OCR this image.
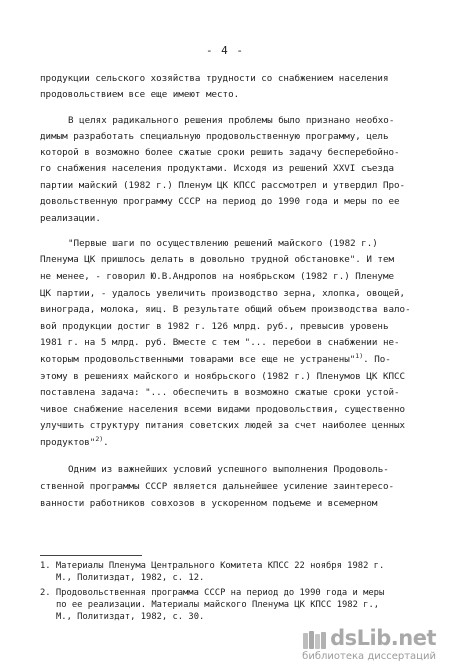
- 4 -
продукции сельского хозяйства трудности со снабжением населения
продовольствием все еще имеют место.
В целях радикального решения проблемы было признано необхо-
димым разработать специальную продовольственную программу, цель
которой в возможно более сжатые сроки решить задачу бесперебойно-
го снабжения населения продуктами. Исходя из решений XXVI съезда
партии майский (1982 г.) Пленум ЦК КПСС рассмотрел и утвердил Про-
довольственную программу СССР на период до 1990 года и меры по ее
реализации.
"Первые шаги по осуществлению решений майского (1982 г.)
Пленума ЦК пришлось делать в довольно трудной обстановке". И тем
не менее, - говорил Ю.В.Андропов на ноябрьском (1982 г.) Пленуме
ЦК партии, - удалось увеличить производство зерна, хлопка, овощей,
винограда, молока, яиц. В результате общий объем производства вало-
вой продукции достиг в 1982 г. 126 млрд. руб., превысив уровень
1981 г. на 5 млрд. руб. Вместе с тем "... перебои в снабжении не-
которым продовольственными товарами все еще не устранены"$^{1)}$. По-
этому в решениях майского и ноябрьского (1982 г.) Пленумов ЦК КПСС
поставлена задача: "... обеспечить в возможно сжатые сроки устой-
чивое снабжение населения всеми видами продовольствия, существенно
улучшить структуру питания советских людей за счет наиболее ценных
продуктов"$^{2)}$.
Одним из важнейших условий успешного выполнения Продоволь-
ственной программы СССР является дальнейшее усиление заинтересо-
ванности работников совхозов в ускоренном подъеме и всемерном
1. Материалы Пленума Центрального Комитета КПСС 22 ноября 1982 г.
М., Политиздат, 1982, с. 12.
2. Продовольственная программа СССР на период до 1990 года и меры
по ее реализации. Материалы майского Пленума ЦК КПСС 1982 г.,
М., Политиздат, 1982, с. 30.
dsLib.net
библиотека диссертаций
